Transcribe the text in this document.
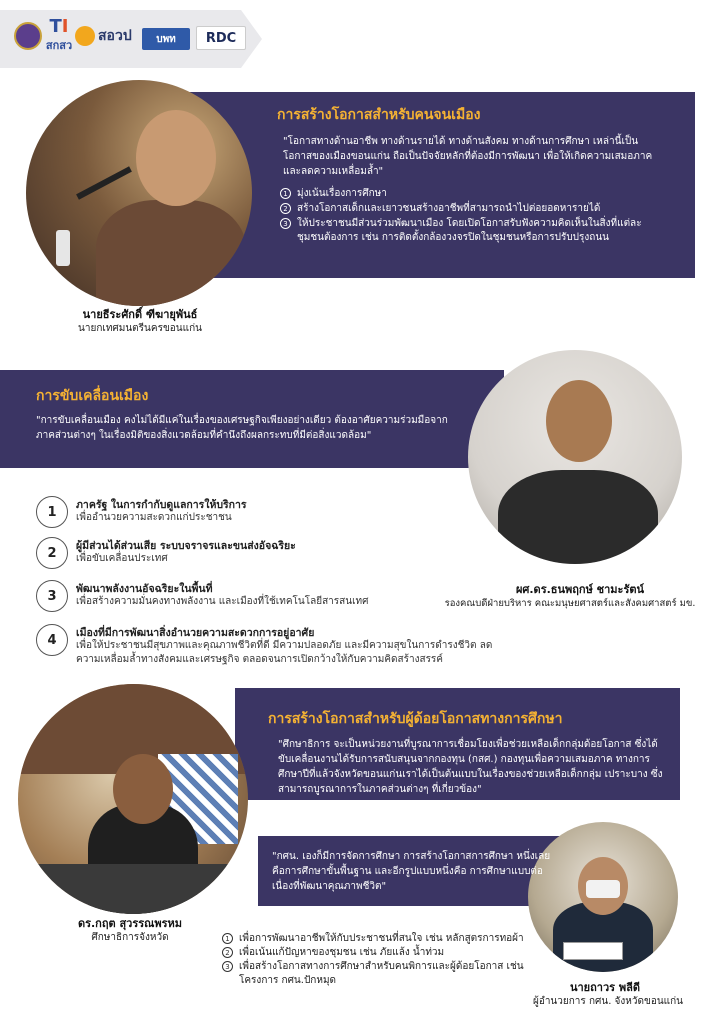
TI
สกสว
สอวป	บพท	RDC
การสร้างโอกาสสำหรับคนจนเมือง
"โอกาสทางด้านอาชีพ ทางด้านรายได้ ทางด้านสังคม ทางด้านการศึกษา เหล่านี้เป็นโอกาสของเมืองขอนแก่น ถือเป็นปัจจัยหลักที่ต้องมีการพัฒนา เพื่อให้เกิดความเสมอภาค และลดความเหลื่อมล้ำ"
1 มุ่งเน้นเรื่องการศึกษา
2 สร้างโอกาสเด็กและเยาวชนสร้างอาชีพที่สามารถนำไปต่อยอดหารายได้
3 ให้ประชาชนมีส่วนร่วมพัฒนาเมือง โดยเปิดโอกาสรับฟังความคิดเห็นในสิ่งที่แต่ละชุมชนต้องการ เช่น การติดตั้งกล้องวงจรปิดในชุมชนหรือการปรับปรุงถนน
นายธีระศักดิ์ ฑีฆายุพันธ์
นายกเทศมนตรีนครขอนแก่น
การขับเคลื่อนเมือง
"การขับเคลื่อนเมือง คงไม่ได้มีแค่ในเรื่องของเศรษฐกิจเพียงอย่างเดียว ต้องอาศัยความร่วมมือจากภาคส่วนต่างๆ ในเรื่องมิติของสิ่งแวดล้อมที่คำนึงถึงผลกระทบที่มีต่อสิ่งแวดล้อม"
1	ภาครัฐ ในการกำกับดูแลการให้บริการ
เพื่ออำนวยความสะดวกแก่ประชาชน
2	ผู้มีส่วนได้ส่วนเสีย ระบบจราจรและขนส่งอัจฉริยะ
เพื่อขับเคลื่อนประเทศ
3	พัฒนาพลังงานอัจฉริยะในพื้นที่
เพื่อสร้างความมั่นคงทางพลังงาน และเมืองที่ใช้เทคโนโลยีสารสนเทศ
4	เมืองที่มีการพัฒนาสิ่งอำนวยความสะดวกการอยู่อาศัย
เพื่อให้ประชาชนมีสุขภาพและคุณภาพชีวิตที่ดี มีความปลอดภัย และมีความสุขในการดำรงชีวิต ลดความเหลื่อมล้ำทางสังคมและเศรษฐกิจ ตลอดจนการเปิดกว้างให้กับความคิดสร้างสรรค์
ผศ.ดร.ธนพฤกษ์ ชามะรัตน์
รองคณบดีฝ่ายบริหาร คณะมนุษยศาสตร์และสังคมศาสตร์ มข.
การสร้างโอกาสสำหรับผู้ด้อยโอกาสทางการศึกษา
"ศึกษาธิการ จะเป็นหน่วยงานที่บูรณาการเชื่อมโยงเพื่อช่วยเหลือเด็กกลุ่มด้อยโอกาส ซึ่งได้ขับเคลื่อนงานได้รับการสนับสนุนจากกองทุน (กสศ.) กองทุนเพื่อความเสมอภาค ทางการศึกษาปีที่แล้วจังหวัดขอนแก่นเราได้เป็นต้นแบบในเรื่องของช่วยเหลือเด็กกลุ่ม เปราะบาง ซึ่งสามารถบูรณาการในภาคส่วนต่างๆ ที่เกี่ยวข้อง"
ดร.กฤต สุวรรณพรหม
ศึกษาธิการจังหวัด
"กศน. เองก็มีการจัดการศึกษา การสร้างโอกาสการศึกษา หนึ่งเลยคือการศึกษาขั้นพื้นฐาน และอีกรูปแบบหนึ่งคือ การศึกษาแบบต่อเนื่องที่พัฒนาคุณภาพชีวิต"
1 เพื่อการพัฒนาอาชีพให้กับประชาชนที่สนใจ เช่น หลักสูตรการทอผ้า
2 เพื่อเน้นแก้ปัญหาของชุมชน เช่น ภัยแล้ง น้ำท่วม
3 เพื่อสร้างโอกาสทางการศึกษาสำหรับคนพิการและผู้ด้อยโอกาส เช่น โครงการ กศน.ปักหมุด
นายถาวร พลีดี
ผู้อำนวยการ กศน. จังหวัดขอนแก่น
